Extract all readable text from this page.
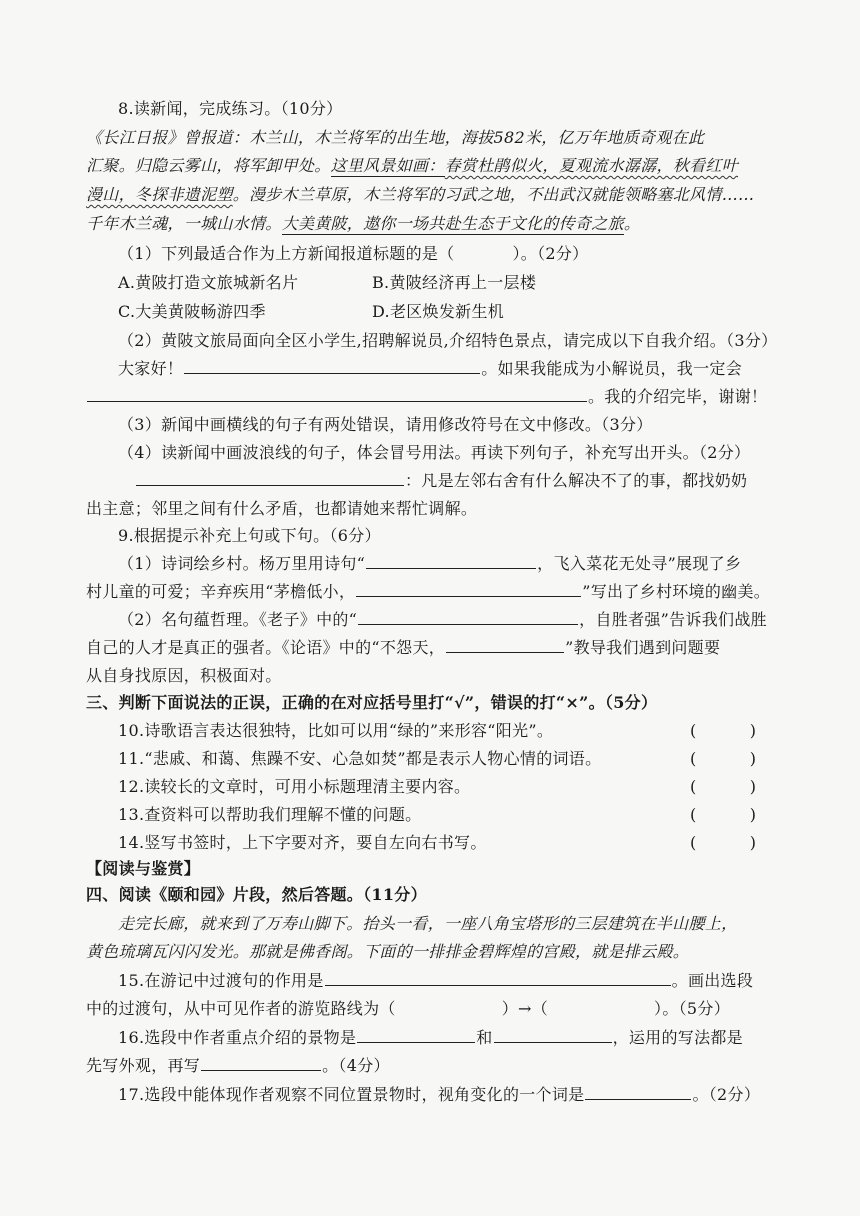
8.读新闻，完成练习。（10分）
《长江日报》曾报道：木兰山，木兰将军的出生地，海拔582米，亿万年地质奇观在此
汇聚。归隐云雾山，将军卸甲处。这里风景如画：春赏杜鹃似火，夏观流水潺潺，秋看红叶
漫山，冬探非遗泥塑。漫步木兰草原，木兰将军的习武之地，不出武汉就能领略塞北风情……
千年木兰魂，一城山水情。大美黄陂，遨你一场共赴生态于文化的传奇之旅。
（1）下列最适合作为上方新闻报道标题的是（	）。（2分）
A.黄陂打造文旅城新名片	B.黄陂经济再上一层楼
C.大美黄陂畅游四季	D.老区焕发新生机
（2）黄陂文旅局面向全区小学生,招聘解说员,介绍特色景点，请完成以下自我介绍。（3分）
大家好！	。如果我能成为小解说员，我一定会
。我的介绍完毕，谢谢！
（3）新闻中画横线的句子有两处错误，请用修改符号在文中修改。（3分）
（4）读新闻中画波浪线的句子，体会冒号用法。再读下列句子，补充写出开头。（2分）
：凡是左邻右舍有什么解决不了的事，都找奶奶
出主意；邻里之间有什么矛盾，也都请她来帮忙调解。
9.根据提示补充上句或下句。（6分）
（1）诗词绘乡村。杨万里用诗句“	，飞入菜花无处寻”展现了乡
村儿童的可爱；辛弃疾用“茅檐低小，	”写出了乡村环境的幽美。
（2）名句蕴哲理。《老子》中的“	，自胜者强”告诉我们战胜
自己的人才是真正的强者。《论语》中的“不怨天，	”教导我们遇到问题要
从自身找原因，积极面对。
三、判断下面说法的正误，正确的在对应括号里打“√”，错误的打“×”。（5分）
10.诗歌语言表达很独特，比如可以用“绿的”来形容“阳光”。	(	)
11.“悲戚、和蔼、焦躁不安、心急如焚”都是表示人物心情的词语。	(	)
12.读较长的文章时，可用小标题理清主要内容。	(	)
13.查资料可以帮助我们理解不懂的问题。	(	)
14.竖写书签时，上下字要对齐，要自左向右书写。	(	)
【阅读与鉴赏】
四、阅读《颐和园》片段，然后答题。（11分）
走完长廊，就来到了万寿山脚下。抬头一看，一座八角宝塔形的三层建筑在半山腰上，
黄色琉璃瓦闪闪发光。那就是佛香阁。下面的一排排金碧辉煌的宫殿，就是排云殿。
15.在游记中过渡句的作用是	。画出选段
中的过渡句，从中可见作者的游览路线为（	）→（	）。（5分）
16.选段中作者重点介绍的景物是	和	，运用的写法都是
先写外观，再写	。（4分）
17.选段中能体现作者观察不同位置景物时，视角变化的一个词是	。（2分）
